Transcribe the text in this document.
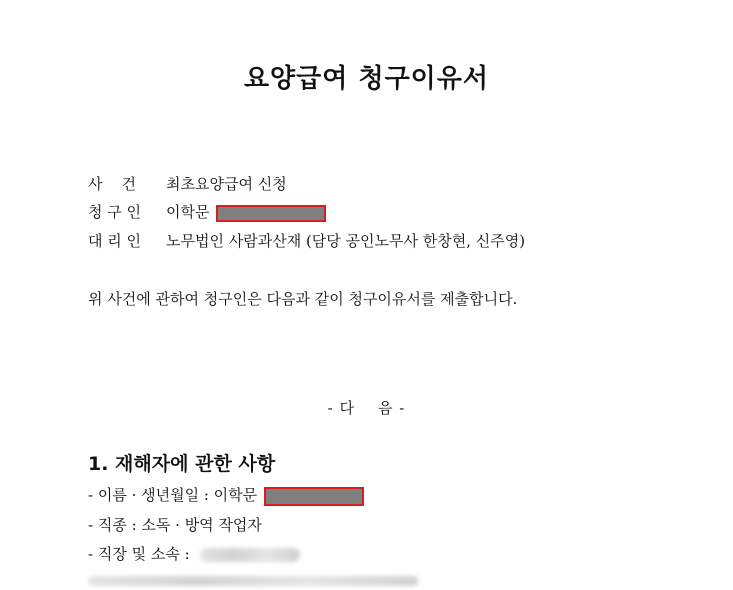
요양급여 청구이유서
사    건 최초요양급여 신청
청 구 인 이학문
대 리 인 노무법인 사람과산재 (담당 공인노무사 한창현, 신주영)
위 사건에 관하여 청구인은 다음과 같이 청구이유서를 제출합니다.
- 다    음 -
1. 재해자에 관한 사항
- 이름 · 생년월일 : 이학문
- 직종 : 소독 · 방역 작업자
- 직장 및 소속 :
